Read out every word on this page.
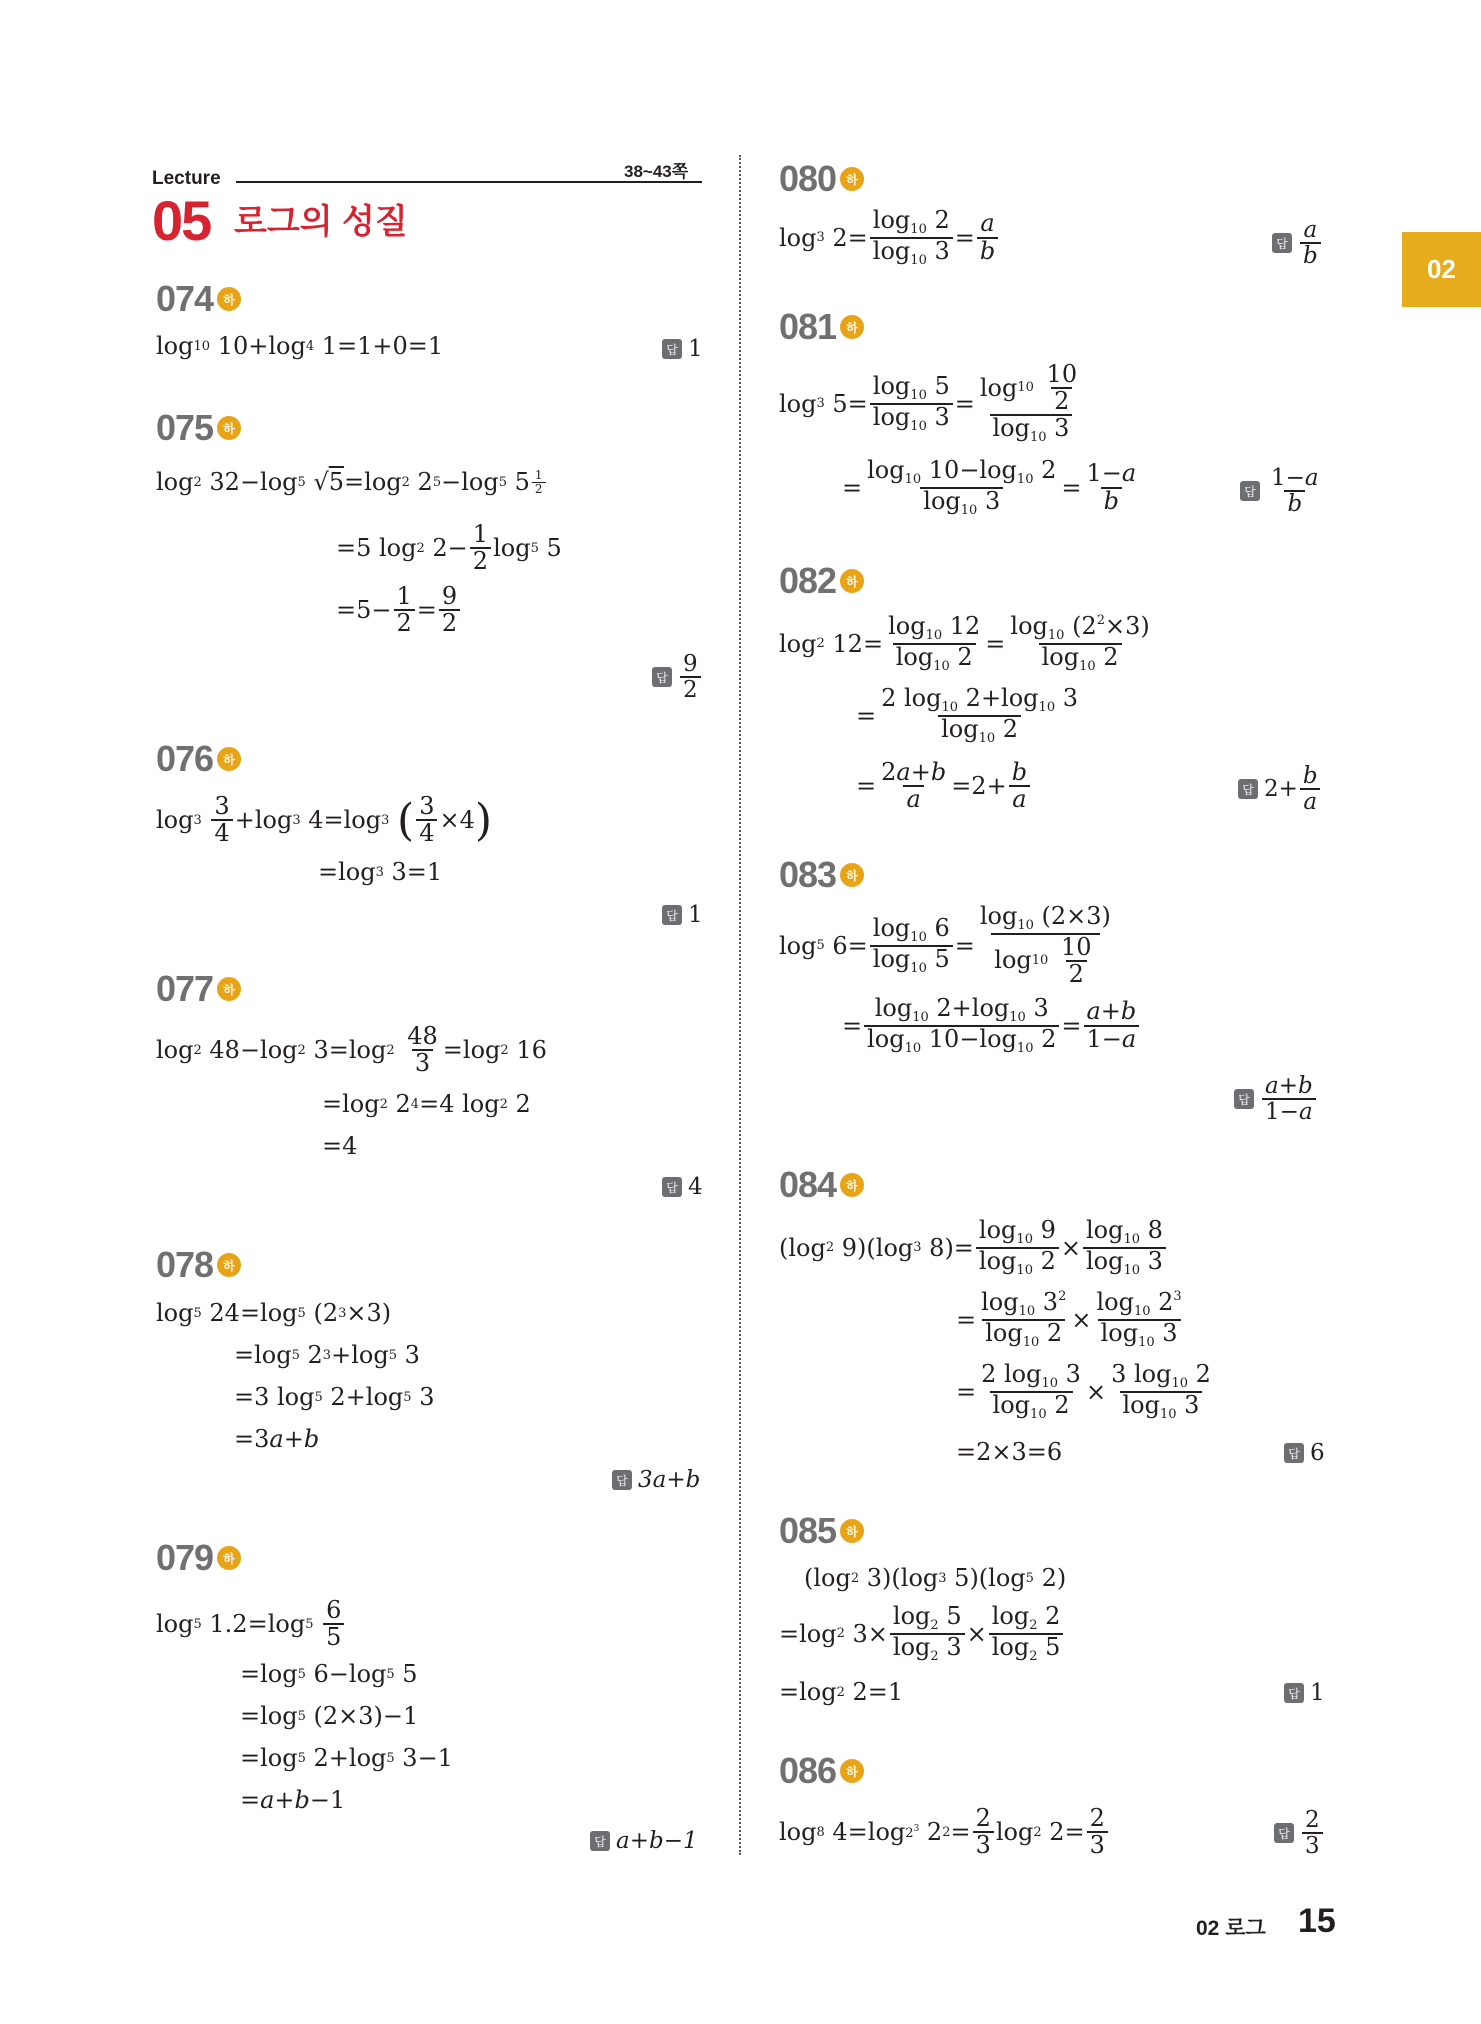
Lecture	38~43쪽
05 로그의 성질
02
074 하
log 10 10+log 4 1=1+0=1	답 1
075 하
log 2 32−log 5 √ 5 =log 2 2 5 −log 5 $5 \frac{1}{2}$
=5 log 2 $2- \frac{1}{2}$ log 5 5
$=5- \frac{1}{2} = \frac{9}{2}$
답 $\frac{9}{2}$
076 하
log 3
$\frac{3}{4} +\log$ 3 4=log 3
( $\frac{3}{4} \times 4$ )
=log 3 3=1
답 1
077 하
log 2 48−log 2 3=log 2
$\frac{48}{3} =\log$ 2 16
=log 2 2 4 =4 log 2 2
=4
답 4
078 하
log 5 24=log 5 (2 3 ×3)
=log 5 2 3 +log 5 3
=3 log 5 2+log 5 3
=3 a + b
답 3a+b
079 하
log 5 1.2=log 5
$\frac{6}{5}$
=log 5 6−log 5 5
=log 5 (2×3)−1
=log 5 2+log 5 3−1
= a + b −1
답 a+b−1
080 하
log 3 $2= \frac{\log_{10} 2}{\log_{10} 3} = \frac{a}{b}$	답 $\frac{a}{b}$
081 하
log 3 $5= \frac{\log_{10} 5}{\log_{10} 3} = \log 10$
$\frac{10}{2}$
$\log_{10} 3$
= $\frac{\log_{10} 10-\log_{10} 2}{\log_{10} 3} = \frac{1-a}{b}$	답 $\frac{1-a}{b}$
082 하
log 2 $12= \frac{\log_{10} 12}{\log_{10} 2} = \frac{\log_{10} (2^2\times 3)}{\log_{10} 2}$
= $\frac{2 \log_{10} 2+\log_{10} 3}{\log_{10} 2}$
= $\frac{2a+b}{a} =2+ \frac{b}{a}$	답 $2+ \frac{b}{a}$
083 하
log 5 $6= \frac{\log_{10} 6}{\log_{10} 5} = \log_{10} (2\times 3)$
log 10
$\frac{10}{2}$
= $\frac{\log_{10} 2+\log_{10} 3}{\log_{10} 10-\log_{10} 2} = \frac{a+b}{1-a}$
답 $\frac{a+b}{1-a}$
084 하
(log 2 9)(log 3 $8)= \frac{\log_{10} 9}{\log_{10} 2} \times \frac{\log_{10} 8}{\log_{10} 3}$
= $\frac{\log_{10} 3^2}{\log_{10} 2} \times \frac{\log_{10} 2^3}{\log_{10} 3}$
= $\frac{2 \log_{10} 3}{\log_{10} 2} \times \frac{3 \log_{10} 2}{\log_{10} 3}$
=2×3=6	답 6
085 하
(log 2 3)(log 3 5)(log 5 2)
=log 2 $3\times \frac{\log_2 5}{\log_2 3} \times \frac{\log_2 2}{\log_2 5}$
=log 2 2=1	답 1
086 하
log 8 4=log $2^3$ 2 $2 = \frac{2}{3}$ log 2 $2= \frac{2}{3}$	답 $\frac{2}{3}$
02 로그 15
